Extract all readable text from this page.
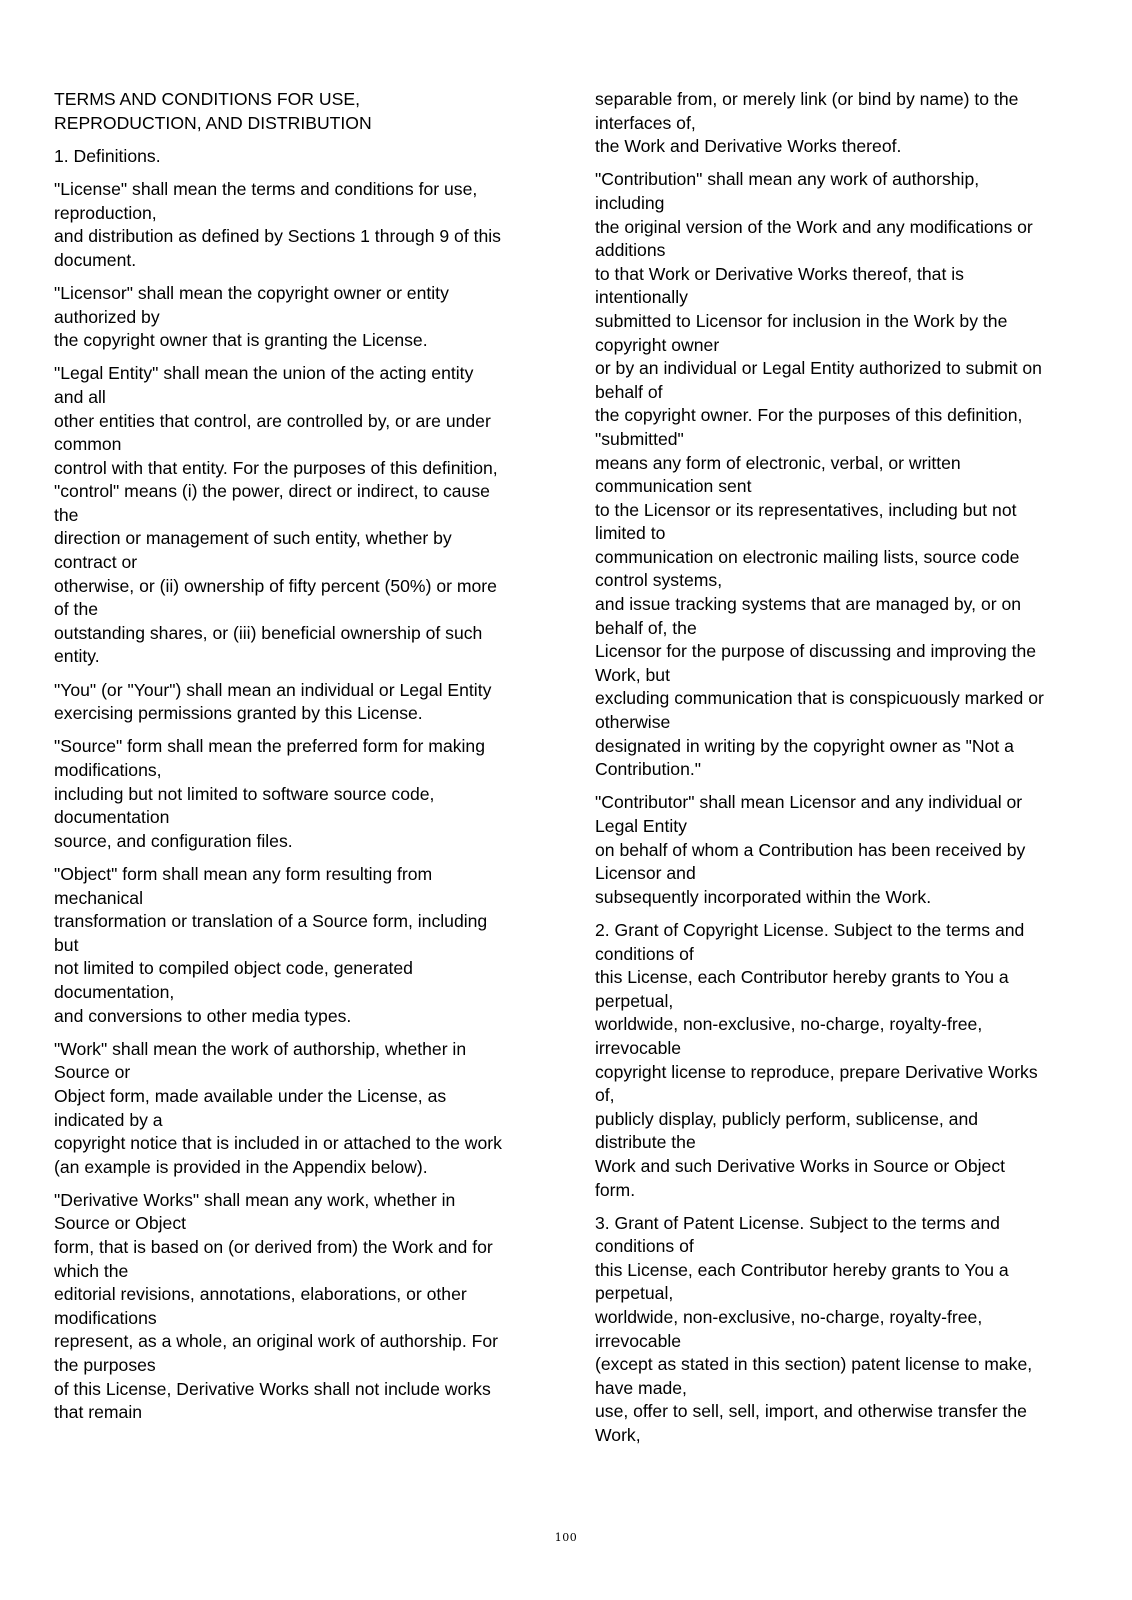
TERMS AND CONDITIONS FOR USE,
REPRODUCTION, AND DISTRIBUTION
1. Definitions.
"License" shall mean the terms and conditions for use,
reproduction,
and distribution as defined by Sections 1 through 9 of this
document.
"Licensor" shall mean the copyright owner or entity
authorized by
the copyright owner that is granting the License.
"Legal Entity" shall mean the union of the acting entity
and all
other entities that control, are controlled by, or are under
common
control with that entity. For the purposes of this definition,
"control" means (i) the power, direct or indirect, to cause
the
direction or management of such entity, whether by
contract or
otherwise, or (ii) ownership of fifty percent (50%) or more
of the
outstanding shares, or (iii) beneficial ownership of such
entity.
"You" (or "Your") shall mean an individual or Legal Entity
exercising permissions granted by this License.
"Source" form shall mean the preferred form for making
modifications,
including but not limited to software source code,
documentation
source, and configuration files.
"Object" form shall mean any form resulting from
mechanical
transformation or translation of a Source form, including
but
not limited to compiled object code, generated
documentation,
and conversions to other media types.
"Work" shall mean the work of authorship, whether in
Source or
Object form, made available under the License, as
indicated by a
copyright notice that is included in or attached to the work
(an example is provided in the Appendix below).
"Derivative Works" shall mean any work, whether in
Source or Object
form, that is based on (or derived from) the Work and for
which the
editorial revisions, annotations, elaborations, or other
modifications
represent, as a whole, an original work of authorship. For
the purposes
of this License, Derivative Works shall not include works
that remain
separable from, or merely link (or bind by name) to the
interfaces of,
the Work and Derivative Works thereof.
"Contribution" shall mean any work of authorship,
including
the original version of the Work and any modifications or
additions
to that Work or Derivative Works thereof, that is
intentionally
submitted to Licensor for inclusion in the Work by the
copyright owner
or by an individual or Legal Entity authorized to submit on
behalf of
the copyright owner. For the purposes of this definition,
"submitted"
means any form of electronic, verbal, or written
communication sent
to the Licensor or its representatives, including but not
limited to
communication on electronic mailing lists, source code
control systems,
and issue tracking systems that are managed by, or on
behalf of, the
Licensor for the purpose of discussing and improving the
Work, but
excluding communication that is conspicuously marked or
otherwise
designated in writing by the copyright owner as "Not a
Contribution."
"Contributor" shall mean Licensor and any individual or
Legal Entity
on behalf of whom a Contribution has been received by
Licensor and
subsequently incorporated within the Work.
2. Grant of Copyright License. Subject to the terms and
conditions of
this License, each Contributor hereby grants to You a
perpetual,
worldwide, non-exclusive, no-charge, royalty-free,
irrevocable
copyright license to reproduce, prepare Derivative Works
of,
publicly display, publicly perform, sublicense, and
distribute the
Work and such Derivative Works in Source or Object
form.
3. Grant of Patent License. Subject to the terms and
conditions of
this License, each Contributor hereby grants to You a
perpetual,
worldwide, non-exclusive, no-charge, royalty-free,
irrevocable
(except as stated in this section) patent license to make,
have made,
use, offer to sell, sell, import, and otherwise transfer the
Work,
100
